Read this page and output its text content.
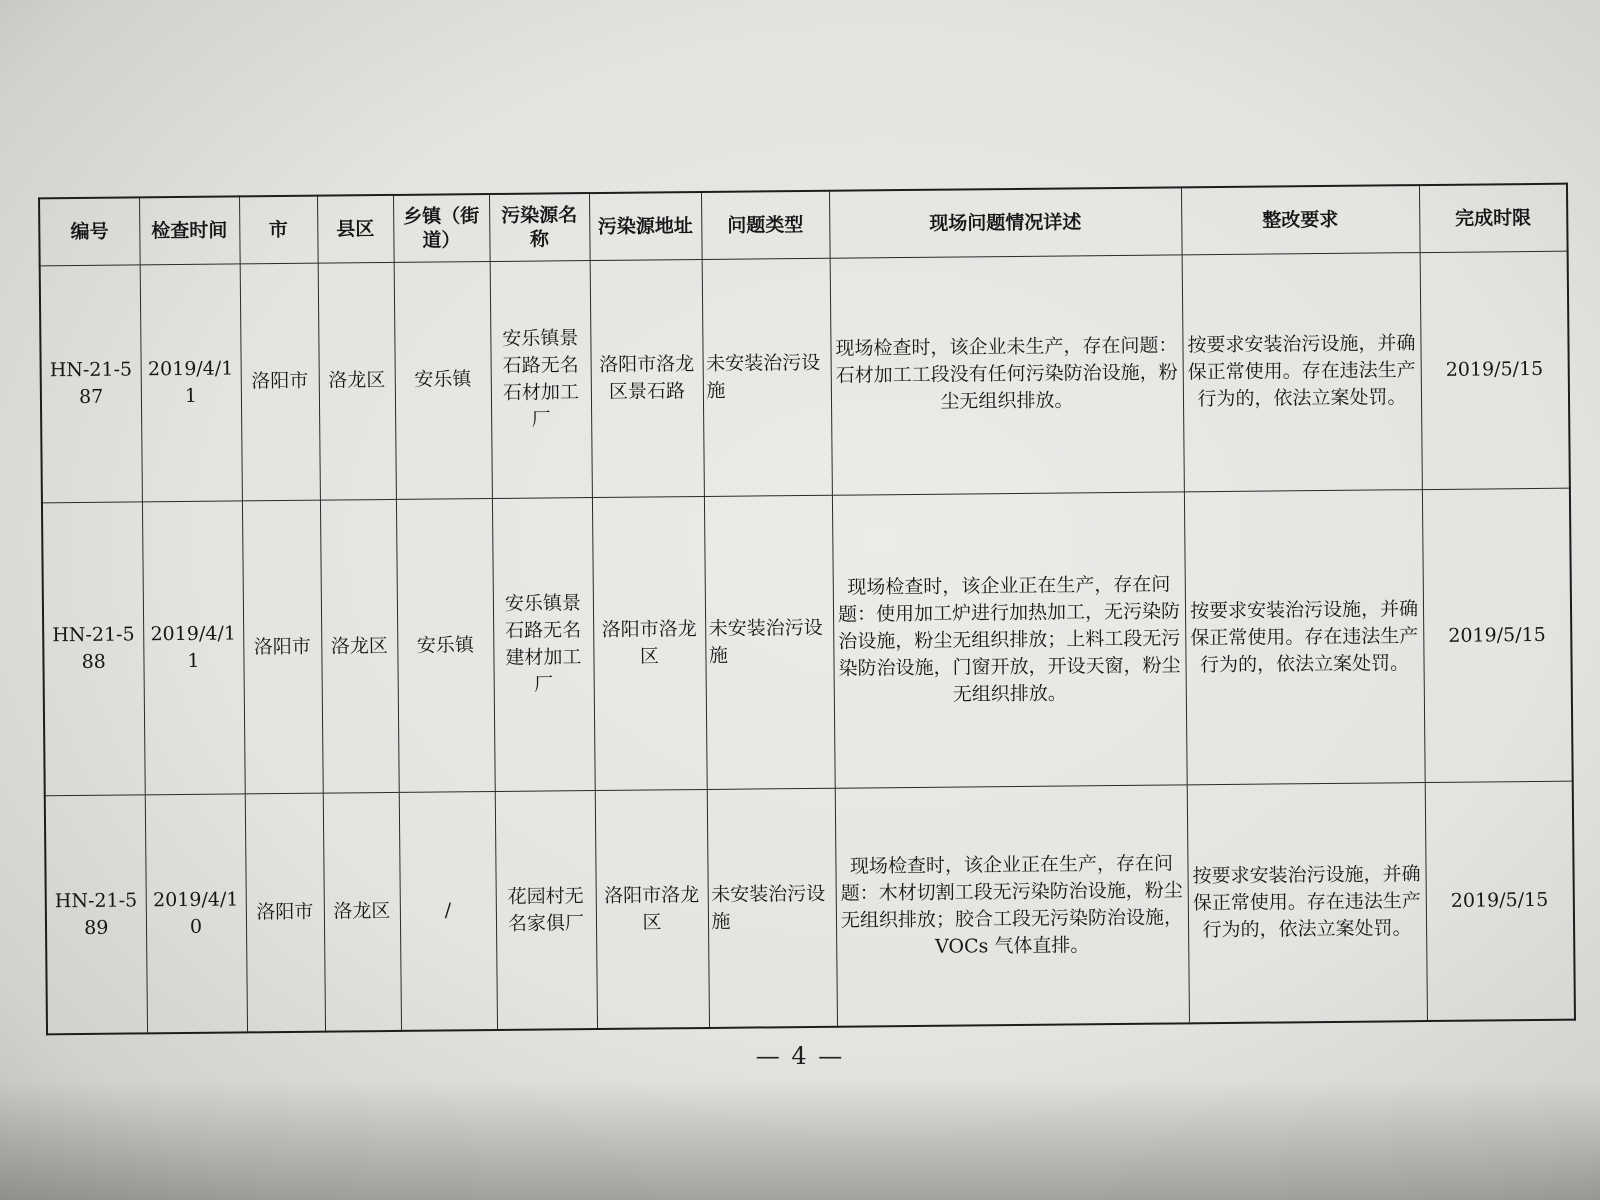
编号	检查时间	市	县区	乡镇（街道）	污染源名称	污染源地址	问题类型	现场问题情况详述	整改要求	完成时限
HN-21-587	2019/4/11	洛阳市	洛龙区	安乐镇	安乐镇景石路无名石材加工厂	洛阳市洛龙区景石路	未安装治污设施	现场检查时，该企业未生产，存在问题：石材加工工段没有任何污染防治设施，粉尘无组织排放。	按要求安装治污设施，并确保正常使用。存在违法生产行为的，依法立案处罚。	2019/5/15
HN-21-588	2019/4/11	洛阳市	洛龙区	安乐镇	安乐镇景石路无名建材加工厂	洛阳市洛龙区	未安装治污设施	现场检查时，该企业正在生产，存在问题：使用加工炉进行加热加工，无污染防治设施，粉尘无组织排放；上料工段无污染防治设施，门窗开放，开设天窗，粉尘无组织排放。	按要求安装治污设施，并确保正常使用。存在违法生产行为的，依法立案处罚。	2019/5/15
HN-21-589	2019/4/10	洛阳市	洛龙区	/	花园村无名家俱厂	洛阳市洛龙区	未安装治污设施	现场检查时，该企业正在生产，存在问题：木材切割工段无污染防治设施，粉尘无组织排放；胶合工段无污染防治设施，VOCs 气体直排。	按要求安装治污设施，并确保正常使用。存在违法生产行为的，依法立案处罚。	2019/5/15
— 4 —
